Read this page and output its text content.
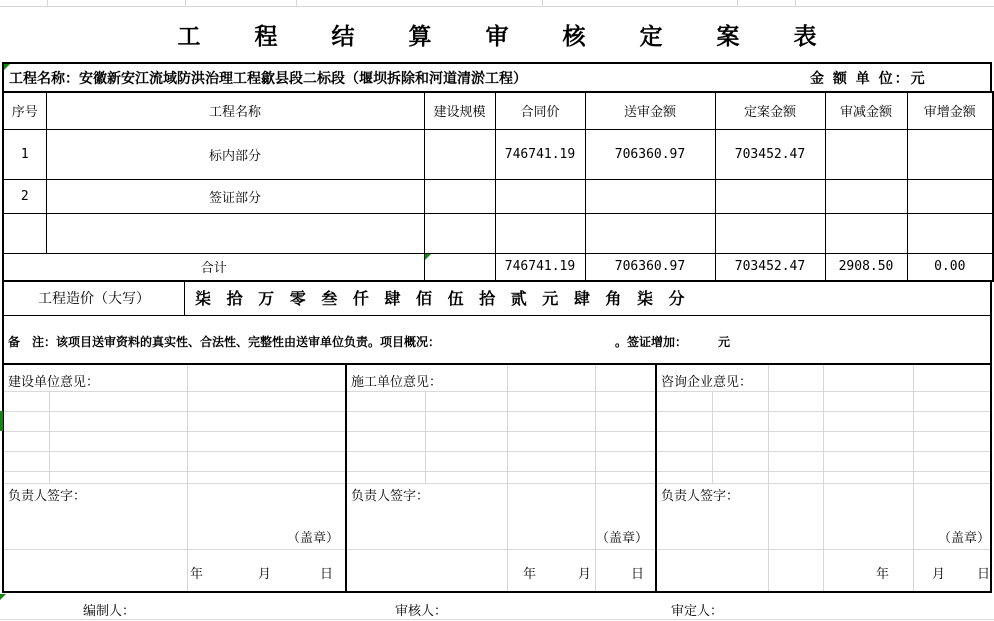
工 程 结 算 审 核 定 案 表
工程名称：安徽新安江流域防洪治理工程歙县段二标段（堰坝拆除和河道清淤工程）	金 额 单 位：元
序号	工程名称	建设规模	合同价	送审金额	定案金额	审减金额	审增金额
1	标内部分		746741.19	706360.97	703452.47		
2	签证部分						

合计			746741.19	706360.97	703452.47	2908.50	0.00
工程造价（大写）	柒 拾 万 零 叁 仟 肆 佰 伍 拾 贰 元 肆 角 柒 分
备　注：该项目送审资料的真实性、合法性、完整性由送审单位负责。项目概况：	。签证增加：	元
建设单位意见：
负责人签字：
（盖章）
年	月	日
施工单位意见：
负责人签字：
（盖章）
年	月	日
咨询企业意见：
负责人签字：
（盖章）
年	月 日
编制人：	审核人：	审定人：
